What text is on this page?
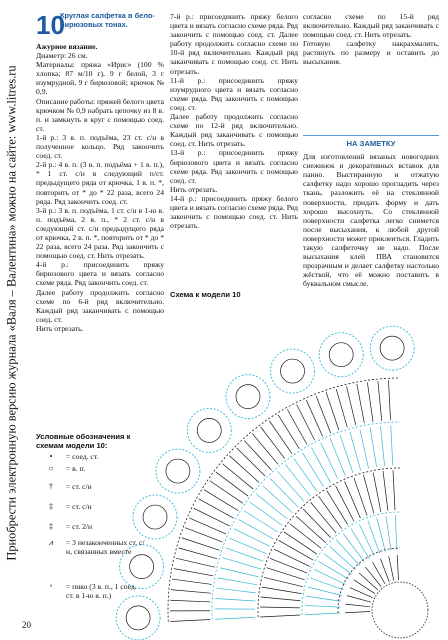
Приобрести электронную версию журнала «Валя – Валентина» можно на сайте: www.litres.ru
10
Круглая салфетка в бело-бирюзовых тонах.

Ажурное вязание.

Диаметр: 26 см.

Материалы: пряжа «Ирис» (100 % хлопка; 87 м/10 г), 9 г белой, 3 г изумрудной, 9 г бирюзовой; крючок № 0,9.

Описание работы: пряжей белого цвета крючком № 0,9 набрать цепочку из 8 в. п. и замкнуть в круг с помощью соед. ст.

1-й р.: 3 в. п. подъёма, 23 ст. с/н в полученное кольцо. Ряд закончить соед. ст.

2-й р.: 4 в. п. (3 в. п. подъёма + 1 в. п.), * 1 ст. с/н в следующий п/ст. предыдущего ряда от крючка, 1 в. п. *, повторить от * до * 22 раза, всего 24 ряда. Ряд закончить соед. ст.

3-й р.: 3 в. п. подъёма, 1 ст. с/н в 1-ю в. п. подъёма, 2 в. п., * 2 ст. с/н в следующий ст. с/н предыдущего ряда от крючка, 2 в. п. *, повторить от * до * 22 раза, всего 24 раза. Ряд закончить с помощью соед. ст. Нить отрезать.

4-й р.: присоединить пряжу бирюзового цвета и вязать согласно схеме ряда. Ряд закончить соед. ст.

Далее работу продолжить согласно схеме по 6-й ряд включительно. Каждый ряд заканчивать с помощью соед. ст.

Нить отрезать.

7-й р.: присоединить пряжу белого цвета и вязать согласно схеме ряда. Ряд закончить с помощью соед. ст. Далее работу продолжить согласно схеме по 10-й ряд включительно. Каждый ряд заканчивать с помощью соед. ст. Нить отрезать.

11-й р.: присоединить пряжу изумрудного цвета и вязать согласно схеме ряда. Ряд закончить с помощью соед. ст.

Далее работу продолжить согласно схеме по 12-й ряд включительно. Каждый ряд заканчивать с помощью соед. ст. Нить отрезать.

13-й р.: присоединить пряжу бирюзового цвета и вязать согласно схеме ряда. Ряд закончить с помощью соед. ст.

Нить отрезать.

14-й р.: присоединить пряжу белого цвета и вязать согласно схеме ряда. Ряд закончить с помощью соед. ст. Нить отрезать.

согласно схеме по 15-й ряд включительно. Каждый ряд заканчивать с помощью соед. ст. Нить отрезать.

Готовую салфетку накрахмалить, растянуть по размеру и оставить до высыхания.

НА ЗАМЕТКУ

Для изготовлений вязаных новогодних снежинок и декоративных вставок для панно. Выстиранную и отжатую салфетку надо хорошо прогладить через ткань, разложить её на стеклянной поверхности, придать форму и дать хорошо высохнуть. Со стеклянной поверхности салфетка легко снимется после высыхания, к любой другой поверхности может приклеиться. Гладить такую салфеточку не надо. После высыхания клей ПВА становится прозрачным и делает салфетку настолько жёсткой, что её можно поставить в буквальном смысле.

Схема к модели 10
Условные обозначения к схемам модели 10:
•	= соед. ст.
○	= в. п.
†	= ст. с/н
‡	= ст. с/н
‡	= ст. 2/н
⩘	= 3 незаконченных ст. с/н, связанных вместе
ᵒ	= пико (3 в. п., 1 соед. ст. в 1-ю в. п.)
20
